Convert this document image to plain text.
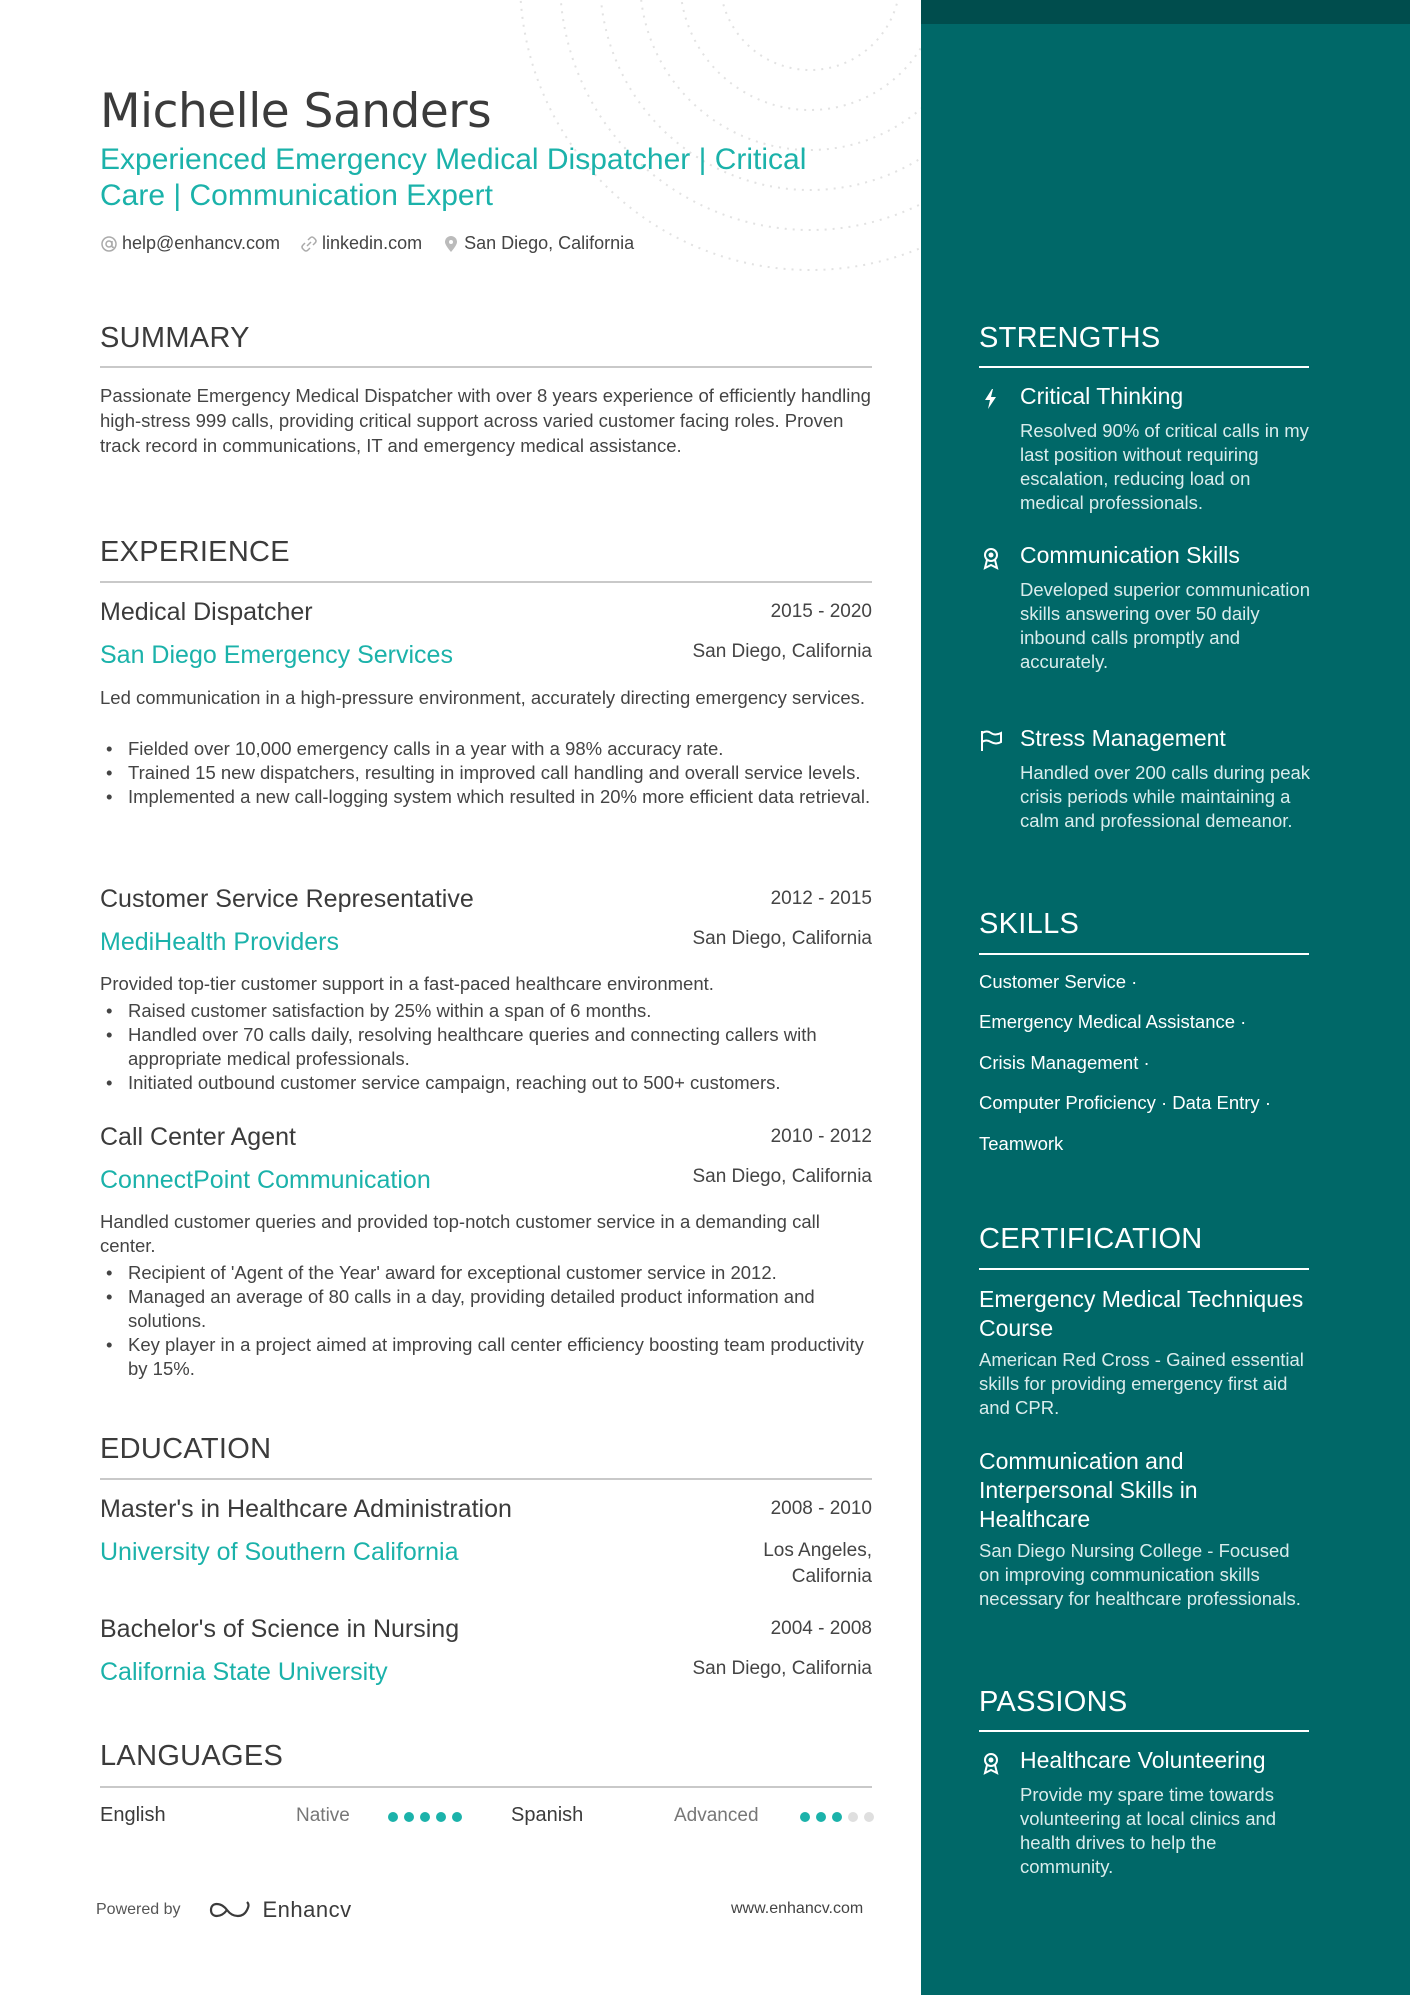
Michelle Sanders
Experienced Emergency Medical Dispatcher | Critical Care | Communication Expert
help@enhancv.com linkedin.com San Diego, California
SUMMARY
Passionate Emergency Medical Dispatcher with over 8 years experience of efficiently handling high-stress 999 calls, providing critical support across varied customer facing roles. Proven track record in communications, IT and emergency medical assistance.
EXPERIENCE
Medical Dispatcher	2015 - 2020
San Diego Emergency Services	San Diego, California
Led communication in a high-pressure environment, accurately directing emergency services.
• Fielded over 10,000 emergency calls in a year with a 98% accuracy rate.
• Trained 15 new dispatchers, resulting in improved call handling and overall service levels.
• Implemented a new call-logging system which resulted in 20% more efficient data retrieval.
Customer Service Representative	2012 - 2015
MediHealth Providers	San Diego, California
Provided top-tier customer support in a fast-paced healthcare environment.
• Raised customer satisfaction by 25% within a span of 6 months.
• Handled over 70 calls daily, resolving healthcare queries and connecting callers with appropriate medical professionals.
• Initiated outbound customer service campaign, reaching out to 500+ customers.
Call Center Agent	2010 - 2012
ConnectPoint Communication	San Diego, California
Handled customer queries and provided top-notch customer service in a demanding call center.
• Recipient of 'Agent of the Year' award for exceptional customer service in 2012.
• Managed an average of 80 calls in a day, providing detailed product information and solutions.
• Key player in a project aimed at improving call center efficiency boosting team productivity by 15%.
EDUCATION
Master's in Healthcare Administration	2008 - 2010
University of Southern California	Los Angeles,
California
Bachelor's of Science in Nursing	2004 - 2008
California State University	San Diego, California
LANGUAGES
English	Native	Spanish	Advanced
Powered by	Enhancv	www.enhancv.com
STRENGTHS
Critical Thinking
Resolved 90% of critical calls in my last position without requiring escalation, reducing load on medical professionals.
Communication Skills
Developed superior communication skills answering over 50 daily inbound calls promptly and accurately.
Stress Management
Handled over 200 calls during peak crisis periods while maintaining a calm and professional demeanor.
SKILLS
Customer Service ·
Emergency Medical Assistance ·
Crisis Management ·
Computer Proficiency · Data Entry ·
Teamwork
CERTIFICATION
Emergency Medical Techniques Course
American Red Cross - Gained essential skills for providing emergency first aid and CPR.
Communication and Interpersonal Skills in Healthcare
San Diego Nursing College - Focused on improving communication skills necessary for healthcare professionals.
PASSIONS
Healthcare Volunteering
Provide my spare time towards volunteering at local clinics and health drives to help the community.
